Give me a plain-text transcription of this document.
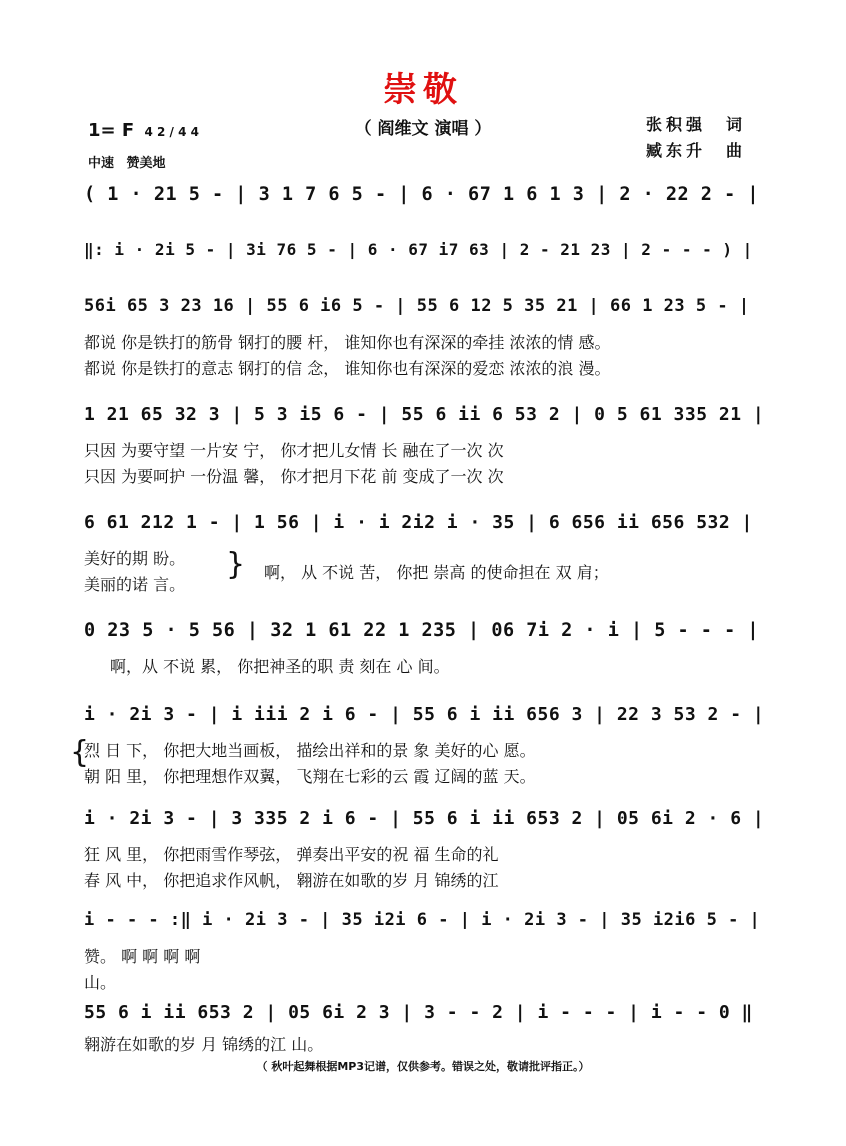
崇敬
（ 阎维文 演唱 ）	张积强　词
臧东升　曲
1= F 4 2 / 4 4
中速 赞美地
( 1 · 21 5 - | 3 1 7 6 5 - | 6 · 67 1 6 1 3 | 2 · 22 2 - |
‖: i · 2i 5 - | 3i 76 5 - | 6 · 67 i7 63 | 2 - 21 23 | 2 - - - ) |
56i 65 3 23 16 | 55 6 i6 5 - | 55 6 12 5 35 21 | 66 1 23 5 - |
都说 你是铁打的筋骨 钢打的腰 杆， 谁知你也有深深的牵挂 浓浓的情 感。
都说 你是铁打的意志 钢打的信 念， 谁知你也有深深的爱恋 浓浓的浪 漫。
1 21 65 32 3 | 5 3 i5 6 - | 55 6 ii 6 53 2 | 0 5 61 335 21 |
只因 为要守望 一片安 宁， 你才把儿女情 长 融在了一次 次
只因 为要呵护 一份温 馨， 你才把月下花 前 变成了一次 次
6 61 212 1 - | 1 56 | i · i 2i2 i · 35 | 6 656 ii 656 532 |
美好的期 盼。
美丽的诺 言。
} 啊， 从 不说 苦， 你把 崇高 的使命担在 双 肩；
0 23 5 · 5 56 | 32 1 61 22 1 235 | 06 7i 2 · i | 5 - - - |
啊，从 不说 累， 你把神圣的职 责 刻在 心 间。
i · 2i 3 - | i iii 2 i 6 - | 55 6 i ii 656 3 | 22 3 53 2 - |
{
烈 日 下， 你把大地当画板， 描绘出祥和的景 象 美好的心 愿。
朝 阳 里， 你把理想作双翼， 飞翔在七彩的云 霞 辽阔的蓝 天。
i · 2i 3 - | 3 335 2 i 6 - | 55 6 i ii 653 2 | 05 6i 2 · 6 |
狂 风 里， 你把雨雪作琴弦， 弹奏出平安的祝 福 生命的礼
春 风 中， 你把追求作风帆， 翱游在如歌的岁 月 锦绣的江
i - - - :‖ i · 2i 3 - | 35 i2i 6 - | i · 2i 3 - | 35 i2i6 5 - |
赞。 啊 啊 啊 啊
山。
55 6 i ii 653 2 | 05 6i 2 3 | 3 - - 2 | i - - - | i - - 0 ‖
翱游在如歌的岁 月 锦绣的江 山。
（ 秋叶起舞根据MP3记谱，仅供参考。错误之处，敬请批评指正。）
